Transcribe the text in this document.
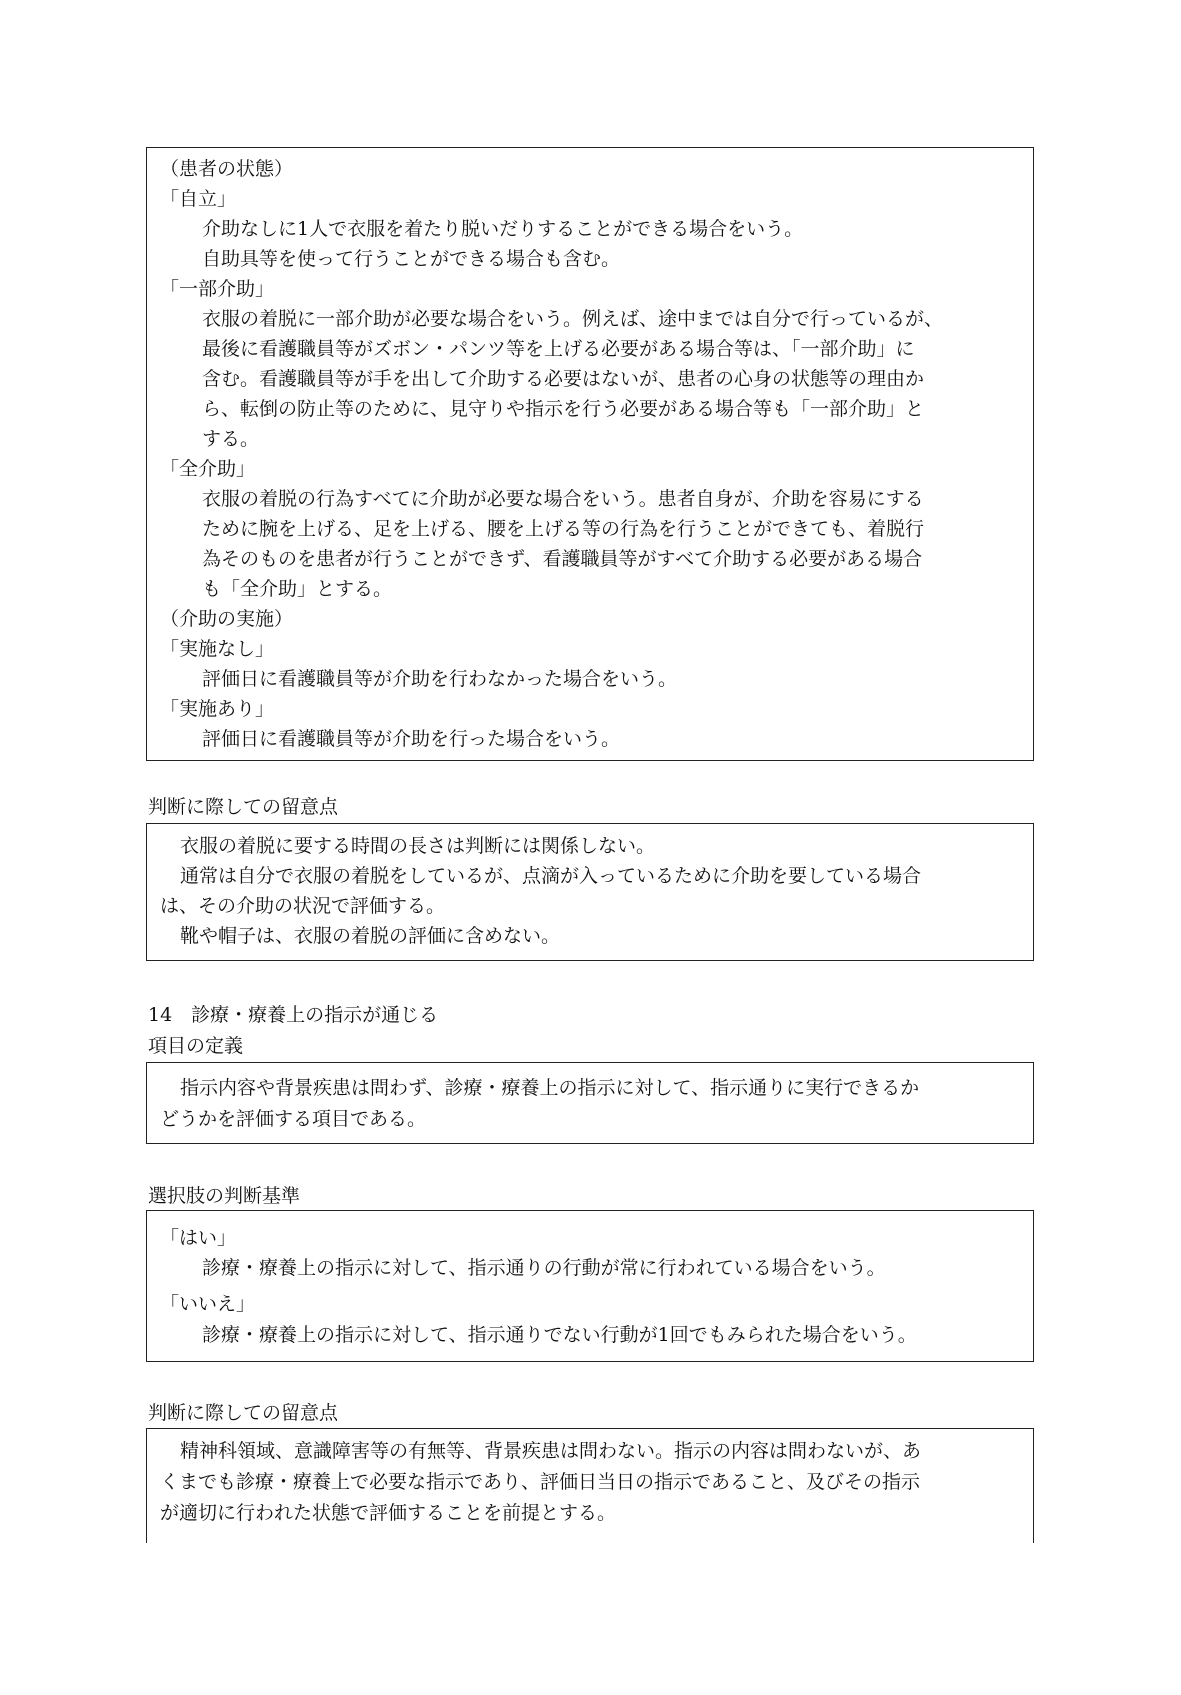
（患者の状態）
「自立」
介助なしに1人で衣服を着たり脱いだりすることができる場合をいう。
自助具等を使って行うことができる場合も含む。
「一部介助」
衣服の着脱に一部介助が必要な場合をいう。例えば、途中までは自分で行っているが、
最後に看護職員等がズボン・パンツ等を上げる必要がある場合等は、「一部介助」に
含む。看護職員等が手を出して介助する必要はないが、患者の心身の状態等の理由か
ら、転倒の防止等のために、見守りや指示を行う必要がある場合等も「一部介助」と
する。
「全介助」
衣服の着脱の行為すべてに介助が必要な場合をいう。患者自身が、介助を容易にする
ために腕を上げる、足を上げる、腰を上げる等の行為を行うことができても、着脱行
為そのものを患者が行うことができず、看護職員等がすべて介助する必要がある場合
も「全介助」とする。
（介助の実施）
「実施なし」
評価日に看護職員等が介助を行わなかった場合をいう。
「実施あり」
評価日に看護職員等が介助を行った場合をいう。
判断に際しての留意点
衣服の着脱に要する時間の長さは判断には関係しない。
通常は自分で衣服の着脱をしているが、点滴が入っているために介助を要している場合
は、その介助の状況で評価する。
靴や帽子は、衣服の着脱の評価に含めない。
14　診療・療養上の指示が通じる
項目の定義
指示内容や背景疾患は問わず、診療・療養上の指示に対して、指示通りに実行できるか
どうかを評価する項目である。
選択肢の判断基準
「はい」
診療・療養上の指示に対して、指示通りの行動が常に行われている場合をいう。
「いいえ」
診療・療養上の指示に対して、指示通りでない行動が1回でもみられた場合をいう。
判断に際しての留意点
精神科領域、意識障害等の有無等、背景疾患は問わない。指示の内容は問わないが、あ
くまでも診療・療養上で必要な指示であり、評価日当日の指示であること、及びその指示
が適切に行われた状態で評価することを前提とする。
